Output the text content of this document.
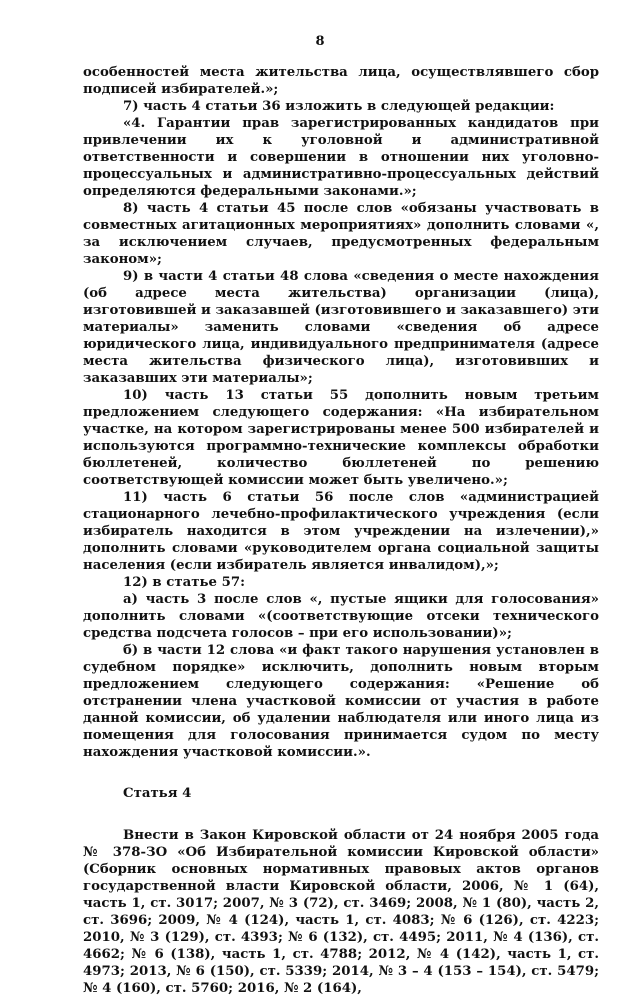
8

особенностей места жительства лица, осуществлявшего сбор подписей избирателей.»;

7) часть 4 статьи 36 изложить в следующей редакции:

«4. Гарантии прав зарегистрированных кандидатов при привлечении их к уголовной и административной ответственности и совершении в отношении них уголовно-процессуальных и административно-процессуальных действий определяются федеральными законами.»;

8) часть 4 статьи 45 после слов «обязаны участвовать в совместных агитационных мероприятиях» дополнить словами «, за исключением случаев, предусмотренных федеральным законом»;

9) в части 4 статьи 48 слова «сведения о месте нахождения (об адресе места жительства) организации (лица), изготовившей и заказавшей (изготовившего и заказавшего) эти материалы» заменить словами «сведения об адресе юридического лица, индивидуального предпринимателя (адресе места жительства физического лица), изготовивших и заказавших эти материалы»;

10) часть 13 статьи 55 дополнить новым третьим предложением следующего содержания: «На избирательном участке, на котором зарегистрированы менее 500 избирателей и используются программно-технические комплексы обработки бюллетеней, количество бюллетеней по решению соответствующей комиссии может быть увеличено.»;

11) часть 6 статьи 56 после слов «администрацией стационарного лечебно-профилактического учреждения (если избиратель находится в этом учреждении на излечении),» дополнить словами «руководителем органа социальной защиты населения (если избиратель является инвалидом),»;

12) в статье 57:

а) часть 3 после слов «, пустые ящики для голосования» дополнить словами «(соответствующие отсеки технического средства подсчета голосов – при его использовании)»;

б) в части 12 слова «и факт такого нарушения установлен в судебном порядке» исключить, дополнить новым вторым предложением следующего содержания: «Решение об отстранении члена участковой комиссии от участия в работе данной комиссии, об удалении наблюдателя или иного лица из помещения для голосования принимается судом по месту нахождения участковой комиссии.».

Статья 4

Внести в Закон Кировской области от 24 ноября 2005 года № 378-ЗО «Об Избирательной комиссии Кировской области» (Сборник основных нормативных правовых актов органов государственной власти Кировской области, 2006, № 1 (64), часть 1, ст. 3017; 2007, № 3 (72), ст. 3469; 2008, № 1 (80), часть 2, ст. 3696; 2009, № 4 (124), часть 1, ст. 4083; № 6 (126), ст. 4223; 2010, № 3 (129), ст. 4393; № 6 (132), ст. 4495; 2011, № 4 (136), ст. 4662; № 6 (138), часть 1, ст. 4788; 2012, № 4 (142), часть 1, ст. 4973; 2013, № 6 (150), ст. 5339; 2014, № 3 – 4 (153 – 154), ст. 5479; № 4 (160), ст. 5760; 2016, № 2 (164),
